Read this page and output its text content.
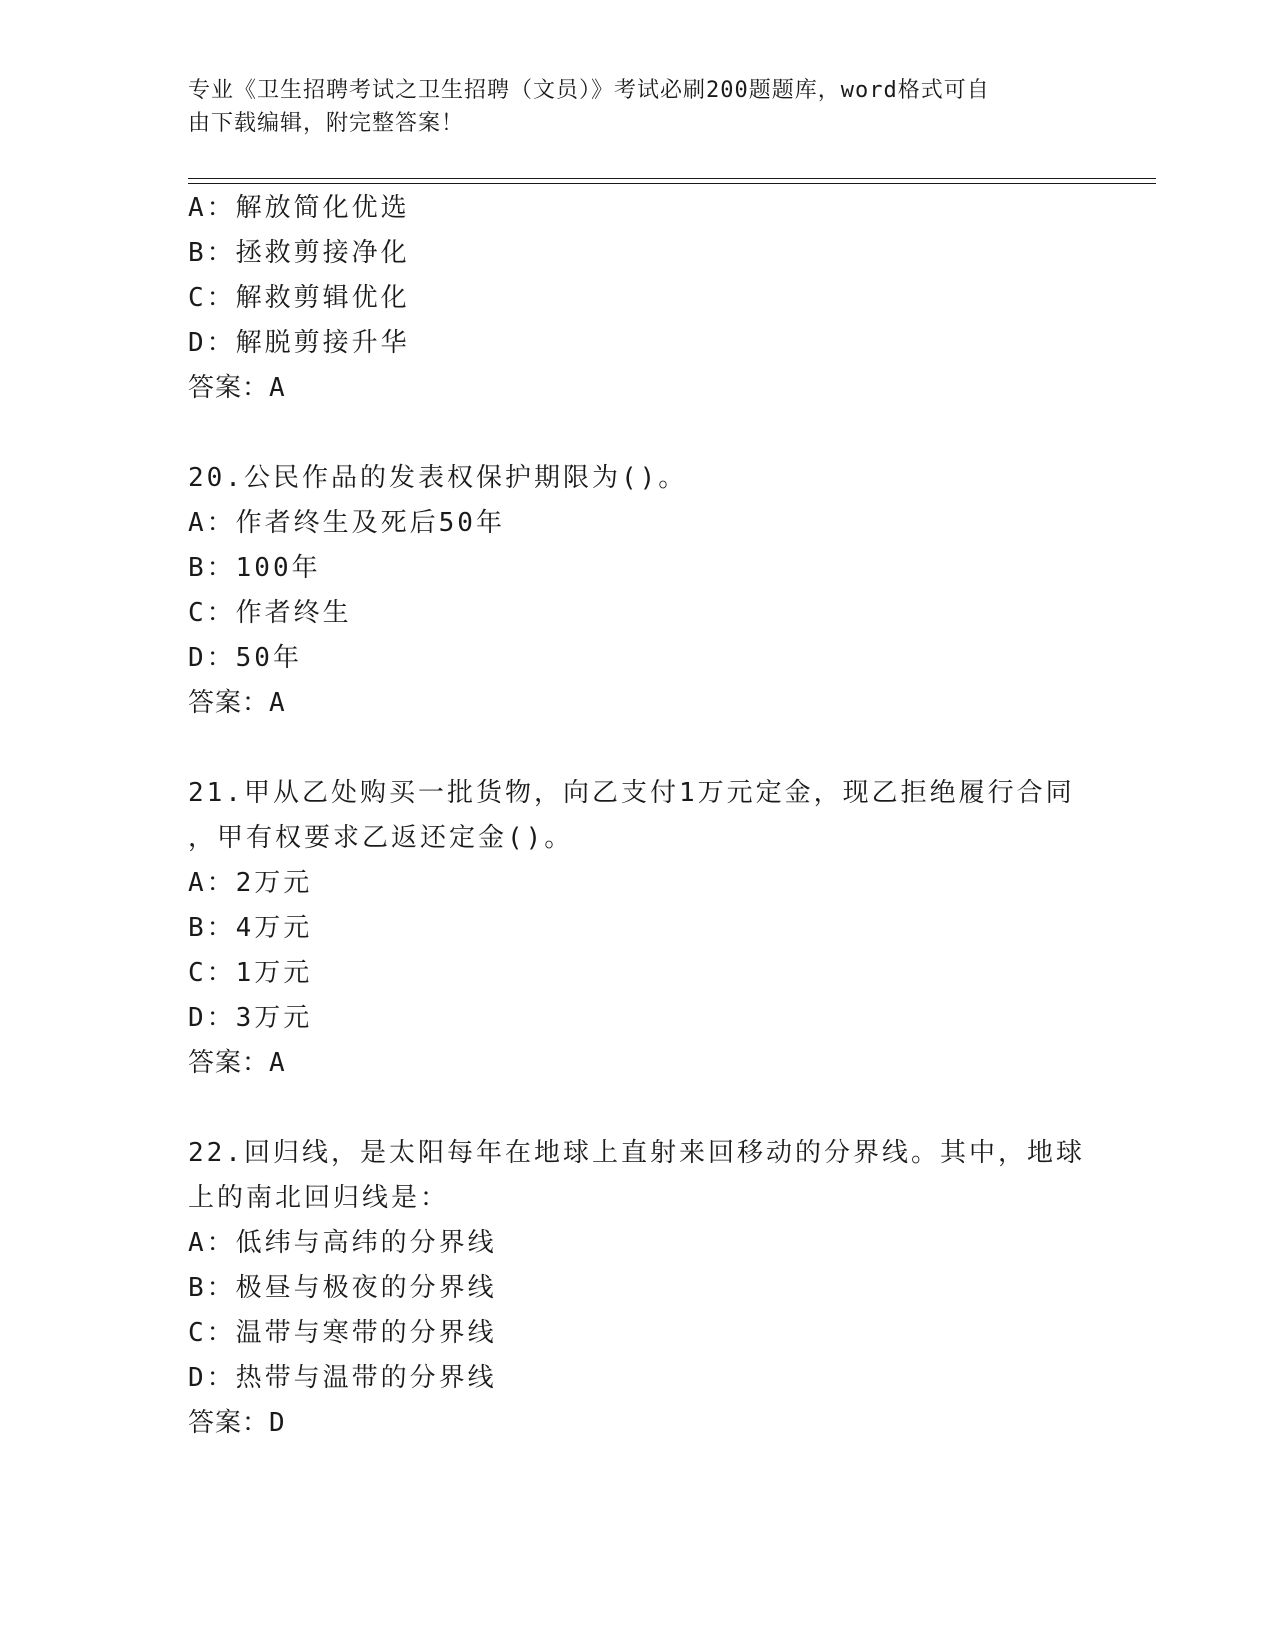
专业《卫生招聘考试之卫生招聘（文员）》考试必刷200题题库，word格式可自
由下载编辑，附完整答案！
A：解放简化优选
B：拯救剪接净化
C：解救剪辑优化
D：解脱剪接升华
答案：A
20.公民作品的发表权保护期限为()。
A：作者终生及死后50年
B：100年
C：作者终生
D：50年
答案：A
21.甲从乙处购买一批货物，向乙支付1万元定金，现乙拒绝履行合同
，甲有权要求乙返还定金()。
A：2万元
B：4万元
C：1万元
D：3万元
答案：A
22.回归线，是太阳每年在地球上直射来回移动的分界线。其中，地球
上的南北回归线是：
A：低纬与高纬的分界线
B：极昼与极夜的分界线
C：温带与寒带的分界线
D：热带与温带的分界线
答案：D
